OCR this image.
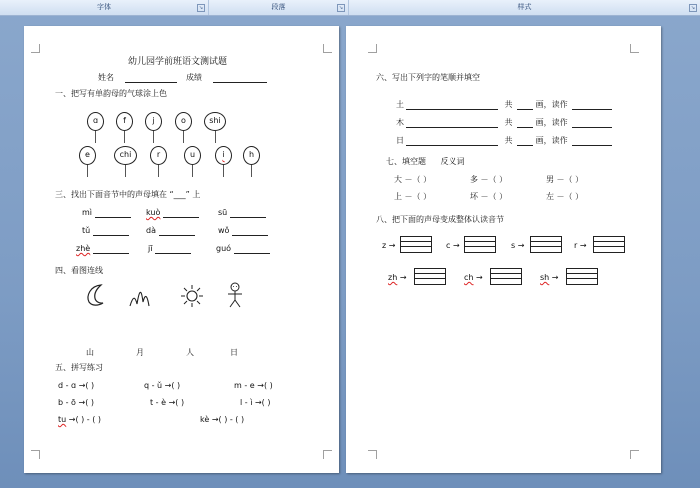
字体	↘	段落	↘	样式	↘
幼儿园学前班语文测试题
姓名	成绩
一、把写有单韵母的气球涂上色
ɑ	f	j	o	shi
e	chi	r	u	i	h
三、找出下面音节中的声母填在 “___” 上
mì	kuò	sū
tǔ	dà	wǒ
zhè	jī	guó
四、看图连线
山	月	人	日
五、拼写练习
d - ɑ →( )	q - ǔ →( )	m - e →( )
b - ō →( )	t - è →( )	l - ì →( )
tu →( ) - ( )	kè →( ) - ( )
六、写出下列字的笔顺并填空
土	共	画，读作
木	共	画，读作
日	共	画，读作
七、填空题 反义词
大 －（ ）	多 －（ ）	男 －（ ）
上 －（ ）	坏 －（ ）	左 －（ ）
八、把下面的声母变成整体认读音节
z →	c →	s →	r →
zh →	ch →	sh →
